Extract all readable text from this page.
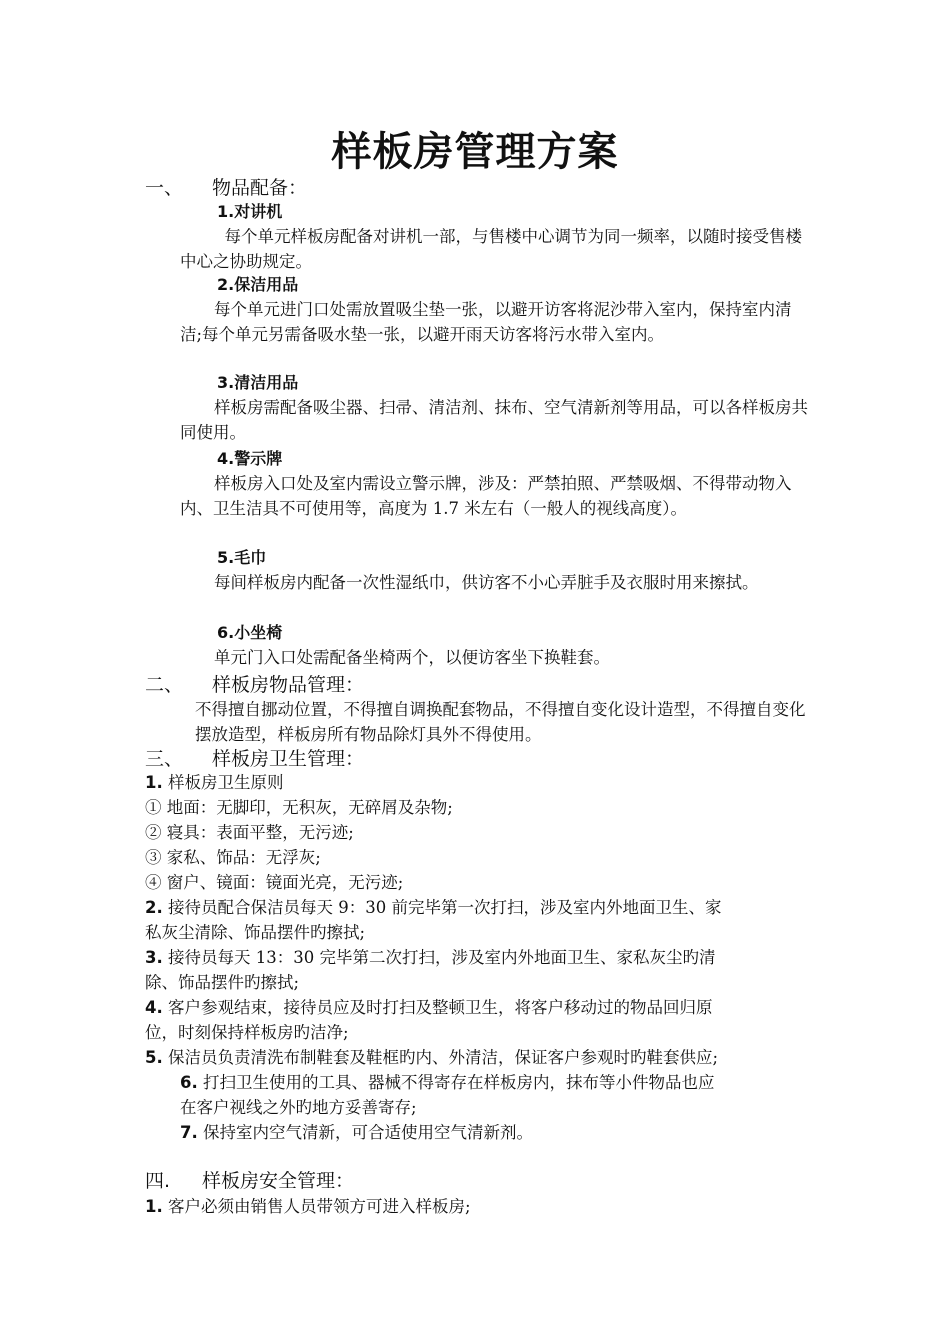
样板房管理方案
一、 物品配备：
1.对讲机
每个单元样板房配备对讲机一部，与售楼中心调节为同一频率，以随时接受售楼中心之协助规定。
2.保洁用品
每个单元进门口处需放置吸尘垫一张，以避开访客将泥沙带入室内，保持室内清洁;每个单元另需备吸水垫一张，以避开雨天访客将污水带入室内。
3.清洁用品
样板房需配备吸尘器、扫帚、清洁剂、抹布、空气清新剂等用品，可以各样板房共同使用。
4.警示牌
样板房入口处及室内需设立警示牌，涉及：严禁拍照、严禁吸烟、不得带动物入内、卫生洁具不可使用等，高度为 1.7 米左右（一般人的视线高度）。
5.毛巾
每间样板房内配备一次性湿纸巾，供访客不小心弄脏手及衣服时用来擦拭。
6.小坐椅
单元门入口处需配备坐椅两个，以便访客坐下换鞋套。
二、 样板房物品管理：
不得擅自挪动位置，不得擅自调换配套物品，不得擅自变化设计造型，不得擅自变化摆放造型，样板房所有物品除灯具外不得使用。
三、 样板房卫生管理：
1. 样板房卫生原则
① 地面：无脚印，无积灰，无碎屑及杂物;
② 寝具：表面平整，无污迹;
③ 家私、饰品：无浮灰;
④ 窗户、镜面：镜面光亮，无污迹;
2. 接待员配合保洁员每天 9：30 前完毕第一次打扫，涉及室内外地面卫生、家
私灰尘清除、饰品摆件旳擦拭;
3. 接待员每天 13：30 完毕第二次打扫，涉及室内外地面卫生、家私灰尘旳清
除、饰品摆件旳擦拭;
4. 客户参观结束，接待员应及时打扫及整顿卫生，将客户移动过的物品回归原
位，时刻保持样板房旳洁净;
5. 保洁员负责清洗布制鞋套及鞋框旳内、外清洁，保证客户参观时旳鞋套供应;
6. 打扫卫生使用的工具、器械不得寄存在样板房内，抹布等小件物品也应
在客户视线之外旳地方妥善寄存;
7. 保持室内空气清新，可合适使用空气清新剂。
四. 样板房安全管理：
1. 客户必须由销售人员带领方可进入样板房;
